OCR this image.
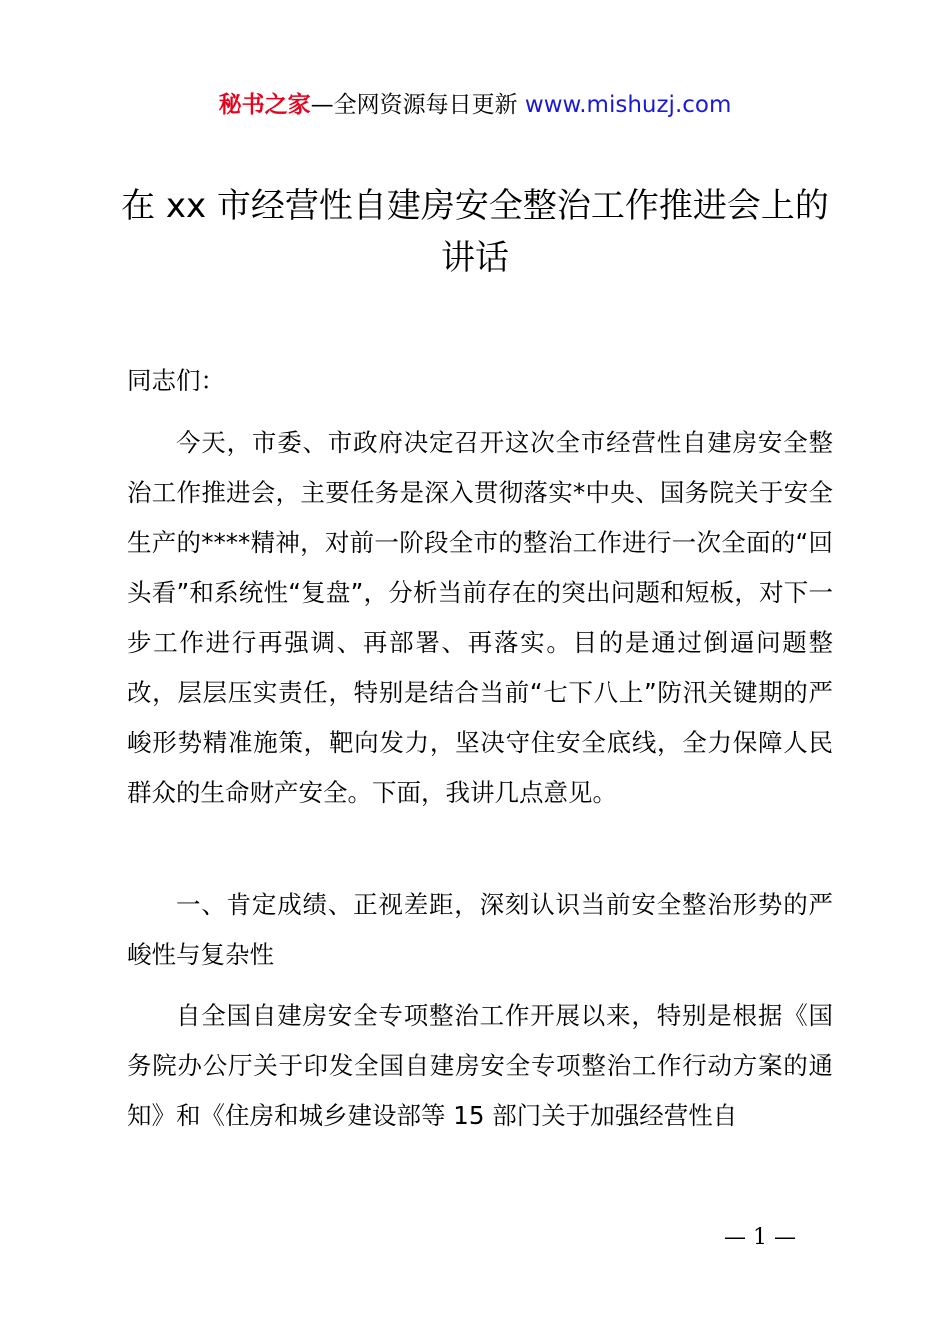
秘书之家—全网资源每日更新 www.mishuzj.com
在 xx 市经营性自建房安全整治工作推进会上的讲话
同志们：
今天，市委、市政府决定召开这次全市经营性自建房安全整治工作推进会，主要任务是深入贯彻落实*中央、国务院关于安全生产的****精神，对前一阶段全市的整治工作进行一次全面的“回头看”和系统性“复盘”，分析当前存在的突出问题和短板，对下一步工作进行再强调、再部署、再落实。目的是通过倒逼问题整改，层层压实责任，特别是结合当前“七下八上”防汛关键期的严峻形势精准施策，靶向发力，坚决守住安全底线，全力保障人民群众的生命财产安全。下面，我讲几点意见。
一、肯定成绩、正视差距，深刻认识当前安全整治形势的严峻性与复杂性
自全国自建房安全专项整治工作开展以来，特别是根据《国务院办公厅关于印发全国自建房安全专项整治工作行动方案的通知》和《住房和城乡建设部等 15 部门关于加强经营性自
— 1 —
